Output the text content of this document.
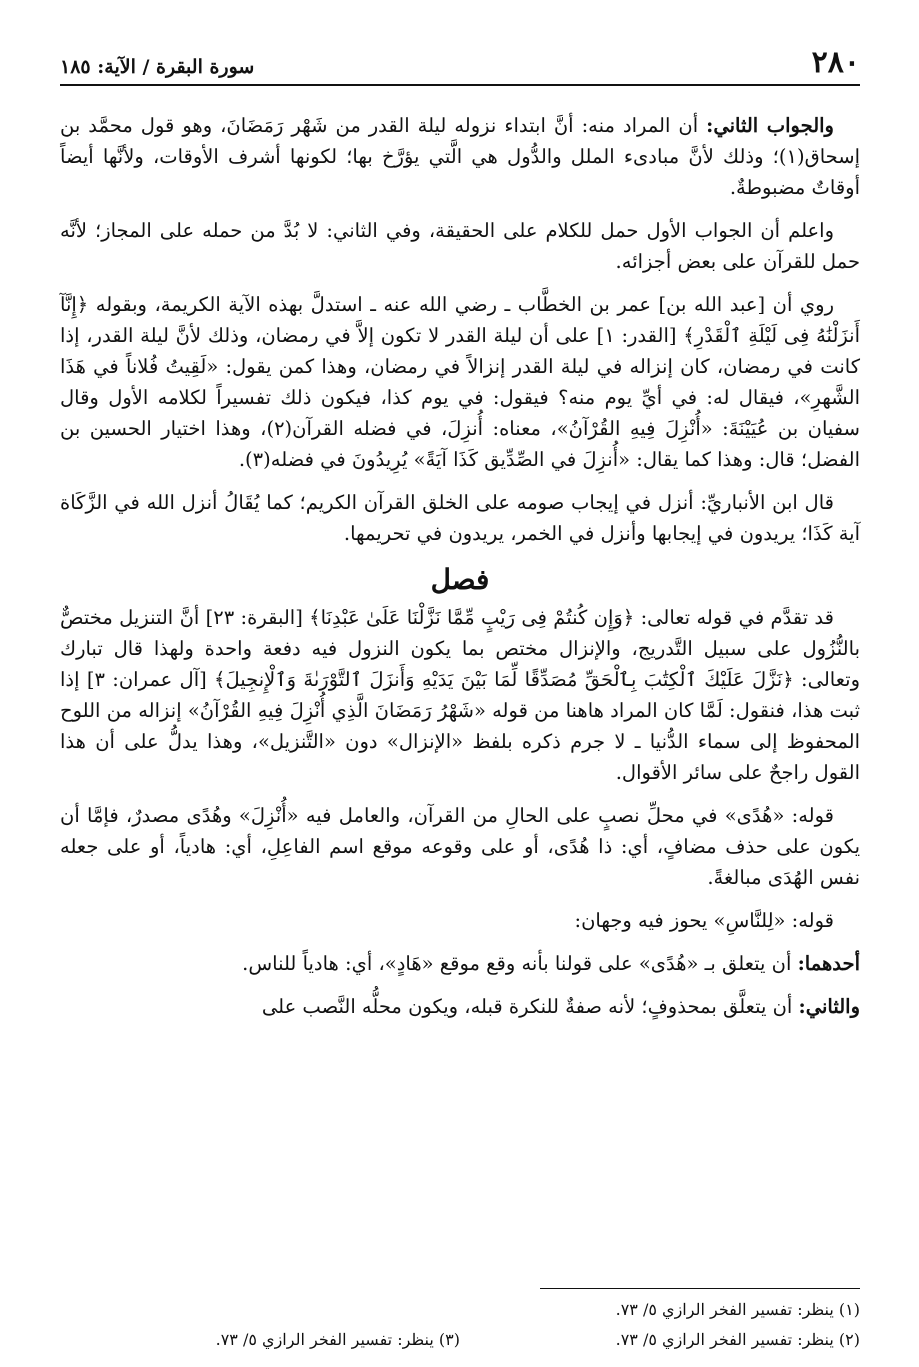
٢٨٠
سورة البقرة / الآية: ١٨٥

والجواب الثاني: أن المراد منه: أنَّ ابتداء نزوله ليلة القدر من شَهْر رَمَضَانَ، وهو قول محمَّد بن إسحاق(١)؛ وذلك لأنَّ مبادىء الملل والدُّول هي الَّتي يؤرَّخ بها؛ لكونها أشرف الأوقات، ولأنَّها أيضاً أوقاتٌ مضبوطةٌ.

واعلم أن الجواب الأول حمل للكلام على الحقيقة، وفي الثاني: لا بُدَّ من حمله على المجاز؛ لأنَّه حمل للقرآن على بعض أجزائه.

روي أن [عبد الله بن] عمر بن الخطَّاب ـ رضي الله عنه ـ استدلَّ بهذه الآية الكريمة، وبقوله ﴿إِنَّآ أَنزَلْنَٰهُ فِى لَيْلَةِ ٱلْقَدْرِ﴾ [القدر: ١] على أن ليلة القدر لا تكون إلاَّ في رمضان، وذلك لأنَّ ليلة القدر، إذا كانت في رمضان، كان إنزاله في ليلة القدر إنزالاً في رمضان، وهذا كمن يقول: «لَقِيتُ فُلاناً في هَذَا الشَّهرِ»، فيقال له: في أيِّ يوم منه؟ فيقول: في يوم كذا، فيكون ذلك تفسيراً لكلامه الأول وقال سفيان بن عُيَيْنَةَ: «أُنْزِلَ فِيهِ القُرْآنُ»، معناه: أُنزِلَ، في فضله القرآن(٢)، وهذا اختيار الحسين بن الفضل؛ قال: وهذا كما يقال: «أُنزِلَ في الصِّدِّيق كَذَا آيَةً» يُرِيدُونَ في فضله(٣).

قال ابن الأنباريِّ: أنزل في إيجاب صومه على الخلق القرآن الكريم؛ كما يُقَالُ أنزل الله في الزَّكَاة آية كَذَا؛ يريدون في إيجابها وأنزل في الخمر، يريدون في تحريمها.

فصل

قد تقدَّم في قوله تعالى: ﴿وَإِن كُنتُمْ فِى رَيْبٍ مِّمَّا نَزَّلْنَا عَلَىٰ عَبْدِنَا﴾ [البقرة: ٢٣] أنَّ التنزيل مختصٌّ بالنُّزُول على سبيل التَّدريج، والإنزال مختص بما يكون النزول فيه دفعة واحدة ولهذا قال تبارك وتعالى: ﴿نَزَّلَ عَلَيْكَ ٱلْكِتَٰبَ بِٱلْحَقِّ مُصَدِّقًا لِّمَا بَيْنَ يَدَيْهِ وَأَنزَلَ ٱلتَّوْرَىٰةَ وَٱلْإِنجِيلَ﴾ [آل عمران: ٣] إذا ثبت هذا، فنقول: لَمَّا كان المراد هاهنا من قوله «شَهْرُ رَمَضَانَ الَّذِي أُنْزِلَ فِيهِ القُرْآنُ» إنزاله من اللوح المحفوظ إلى سماء الدُّنيا ـ لا جرم ذكره بلفظ «الإنزال» دون «التَّنزيل»، وهذا يدلُّ على أن هذا القول راجحٌ على سائر الأقوال.

قوله: «هُدًى» في محلِّ نصبٍ على الحالِ من القرآن، والعامل فيه «أُنْزِلَ» وهُدًى مصدرٌ، فإمَّا أن يكون على حذف مضافٍ، أي: ذا هُدًى، أو على وقوعه موقع اسم الفاعِلِ، أي: هادياً، أو على جعله نفس الهُدَى مبالغةً.

قوله: «لِلنَّاسِ» يحوز فيه وجهان:

أحدهما: أن يتعلق بـ «هُدًى» على قولنا بأنه وقع موقع «هَادٍ»، أي: هادياً للناس.

والثاني: أن يتعلَّق بمحذوفٍ؛ لأنه صفةٌ للنكرة قبله، ويكون محلُّه النَّصب على

(١) ينظر: تفسير الفخر الرازي ٥/ ٧٣.
(٢) ينظر: تفسير الفخر الرازي ٥/ ٧٣.
(٣) ينظر: تفسير الفخر الرازي ٥/ ٧٣.
